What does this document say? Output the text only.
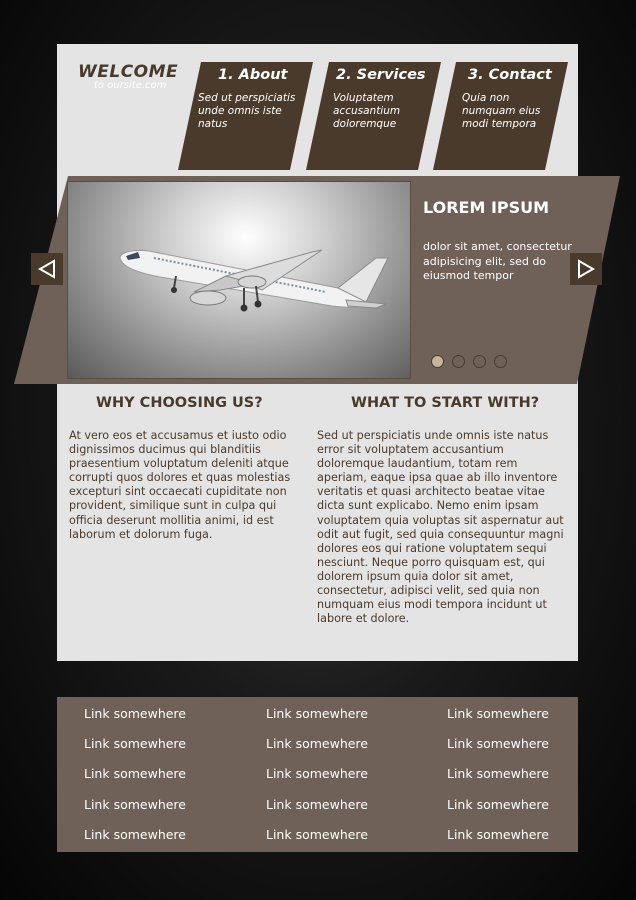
WELCOME
to oursite.com
1. About
Sed ut perspiciatis unde omnis iste natus
2. Services
Voluptatem accusantium doloremque
3. Contact
Quia non numquam eius modi tempora
LOREM IPSUM
dolor sit amet, consectetur adipisicing elit, sed do eiusmod tempor
WHY CHOOSING US?	WHAT TO START WITH?
At vero eos et accusamus et iusto odio dignissimos ducimus qui blanditiis praesentium voluptatum deleniti atque corrupti quos dolores et quas molestias excepturi sint occaecati cupiditate non provident, similique sunt in culpa qui officia deserunt mollitia animi, id est laborum et dolorum fuga.
Sed ut perspiciatis unde omnis iste natus error sit voluptatem accusantium doloremque laudantium, totam rem aperiam, eaque ipsa quae ab illo inventore veritatis et quasi architecto beatae vitae dicta sunt explicabo. Nemo enim ipsam voluptatem quia voluptas sit aspernatur aut odit aut fugit, sed quia consequuntur magni dolores eos qui ratione voluptatem sequi nesciunt. Neque porro quisquam est, qui dolorem ipsum quia dolor sit amet, consectetur, adipisci velit, sed quia non numquam eius modi tempora incidunt ut labore et dolore.
Link somewhere	Link somewhere	Link somewhere
Link somewhere	Link somewhere	Link somewhere
Link somewhere	Link somewhere	Link somewhere
Link somewhere	Link somewhere	Link somewhere
Link somewhere	Link somewhere	Link somewhere
